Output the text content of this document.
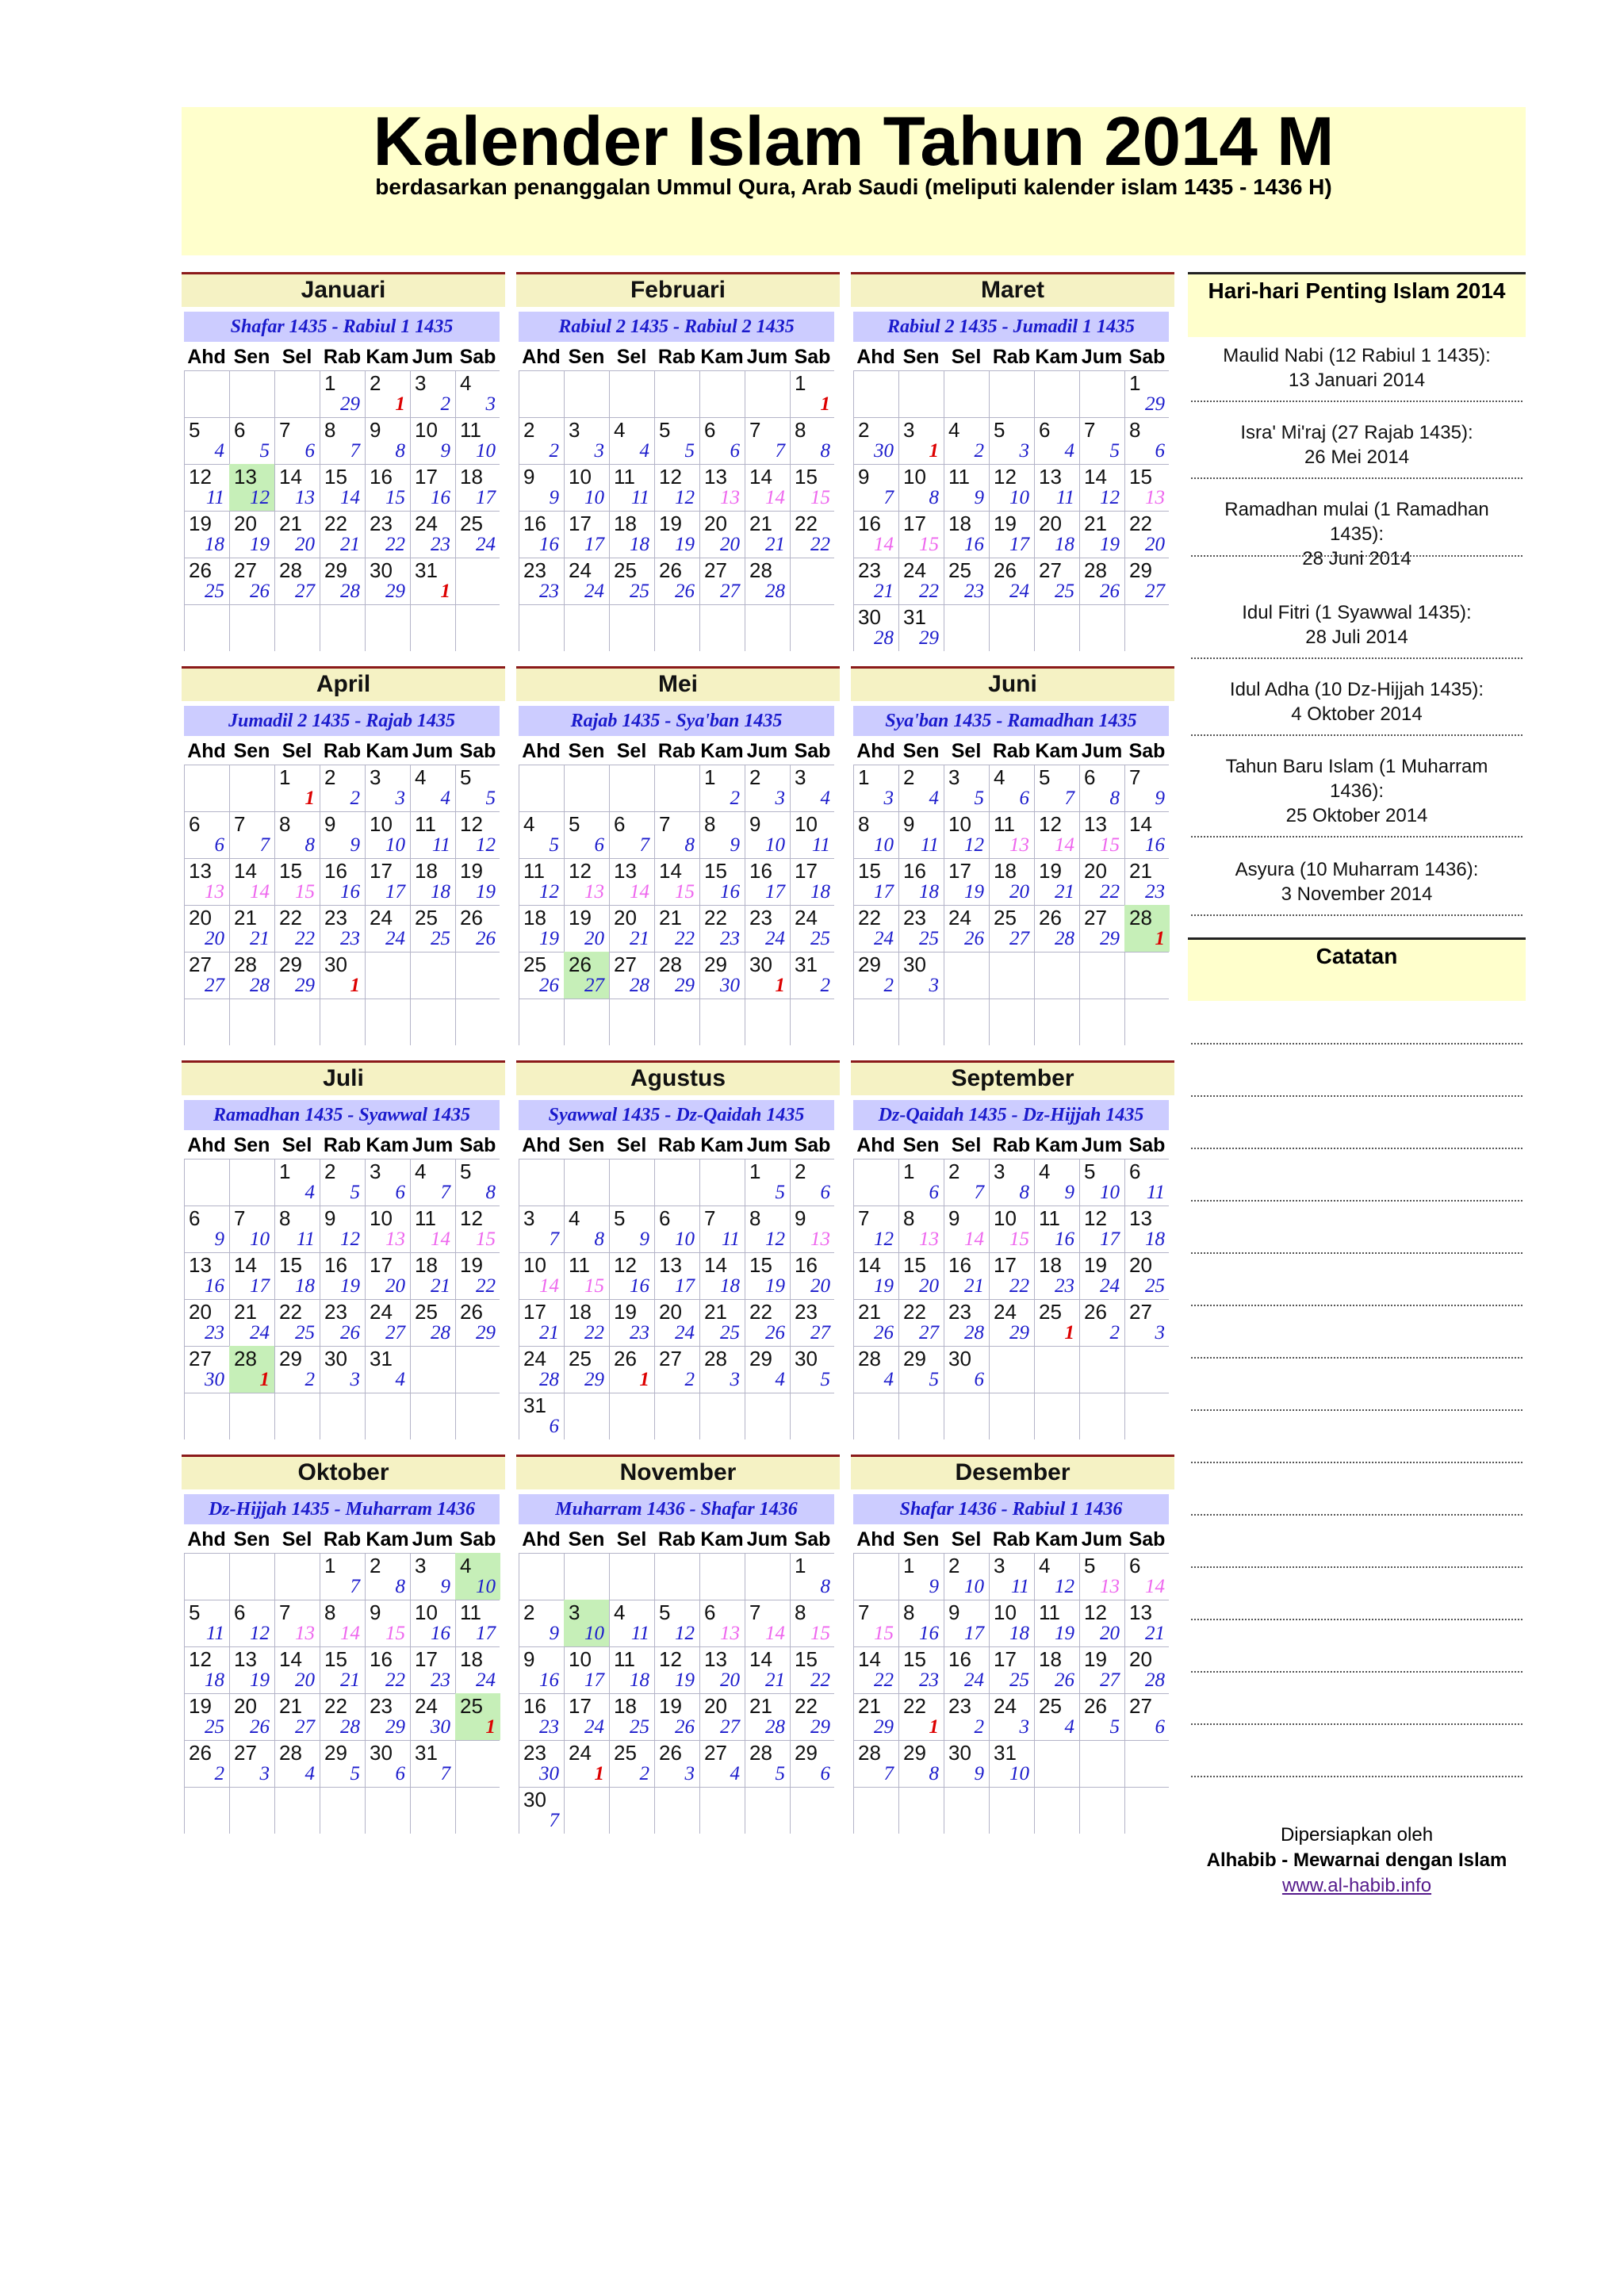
Kalender Islam Tahun 2014 M
berdasarkan penanggalan Ummul Qura, Arab Saudi (meliputi kalender islam 1435 - 1436 H)
Januari
Shafar 1435 - Rabiul 1 1435
Ahd Sen Sel Rab Kam Jum Sab
1
29
2
1
3
2
4
3
5
4
6
5
7
6
8
7
9
8
10
9
11
10
12
11
13
12
14
13
15
14
16
15
17
16
18
17
19
18
20
19
21
20
22
21
23
22
24
23
25
24
26
25
27
26
28
27
29
28
30
29
31
1
Februari
Rabiul 2 1435 - Rabiul 2 1435
Ahd Sen Sel Rab Kam Jum Sab
1
1
2
2
3
3
4
4
5
5
6
6
7
7
8
8
9
9
10
10
11
11
12
12
13
13
14
14
15
15
16
16
17
17
18
18
19
19
20
20
21
21
22
22
23
23
24
24
25
25
26
26
27
27
28
28
Maret
Rabiul 2 1435 - Jumadil 1 1435
Ahd Sen Sel Rab Kam Jum Sab
1
29
2
30
3
1
4
2
5
3
6
4
7
5
8
6
9
7
10
8
11
9
12
10
13
11
14
12
15
13
16
14
17
15
18
16
19
17
20
18
21
19
22
20
23
21
24
22
25
23
26
24
27
25
28
26
29
27
30
28
31
29
April
Jumadil 2 1435 - Rajab 1435
Ahd Sen Sel Rab Kam Jum Sab
1
1
2
2
3
3
4
4
5
5
6
6
7
7
8
8
9
9
10
10
11
11
12
12
13
13
14
14
15
15
16
16
17
17
18
18
19
19
20
20
21
21
22
22
23
23
24
24
25
25
26
26
27
27
28
28
29
29
30
1
Mei
Rajab 1435 - Sya'ban 1435
Ahd Sen Sel Rab Kam Jum Sab
1
2
2
3
3
4
4
5
5
6
6
7
7
8
8
9
9
10
10
11
11
12
12
13
13
14
14
15
15
16
16
17
17
18
18
19
19
20
20
21
21
22
22
23
23
24
24
25
25
26
26
27
27
28
28
29
29
30
30
1
31
2
Juni
Sya'ban 1435 - Ramadhan 1435
Ahd Sen Sel Rab Kam Jum Sab
1
3
2
4
3
5
4
6
5
7
6
8
7
9
8
10
9
11
10
12
11
13
12
14
13
15
14
16
15
17
16
18
17
19
18
20
19
21
20
22
21
23
22
24
23
25
24
26
25
27
26
28
27
29
28
1
29
2
30
3
Juli
Ramadhan 1435 - Syawwal 1435
Ahd Sen Sel Rab Kam Jum Sab
1
4
2
5
3
6
4
7
5
8
6
9
7
10
8
11
9
12
10
13
11
14
12
15
13
16
14
17
15
18
16
19
17
20
18
21
19
22
20
23
21
24
22
25
23
26
24
27
25
28
26
29
27
30
28
1
29
2
30
3
31
4
Agustus
Syawwal 1435 - Dz-Qaidah 1435
Ahd Sen Sel Rab Kam Jum Sab
1
5
2
6
3
7
4
8
5
9
6
10
7
11
8
12
9
13
10
14
11
15
12
16
13
17
14
18
15
19
16
20
17
21
18
22
19
23
20
24
21
25
22
26
23
27
24
28
25
29
26
1
27
2
28
3
29
4
30
5
31
6
September
Dz-Qaidah 1435 - Dz-Hijjah 1435
Ahd Sen Sel Rab Kam Jum Sab
1
6
2
7
3
8
4
9
5
10
6
11
7
12
8
13
9
14
10
15
11
16
12
17
13
18
14
19
15
20
16
21
17
22
18
23
19
24
20
25
21
26
22
27
23
28
24
29
25
1
26
2
27
3
28
4
29
5
30
6
Oktober
Dz-Hijjah 1435 - Muharram 1436
Ahd Sen Sel Rab Kam Jum Sab
1
7
2
8
3
9
4
10
5
11
6
12
7
13
8
14
9
15
10
16
11
17
12
18
13
19
14
20
15
21
16
22
17
23
18
24
19
25
20
26
21
27
22
28
23
29
24
30
25
1
26
2
27
3
28
4
29
5
30
6
31
7
November
Muharram 1436 - Shafar 1436
Ahd Sen Sel Rab Kam Jum Sab
1
8
2
9
3
10
4
11
5
12
6
13
7
14
8
15
9
16
10
17
11
18
12
19
13
20
14
21
15
22
16
23
17
24
18
25
19
26
20
27
21
28
22
29
23
30
24
1
25
2
26
3
27
4
28
5
29
6
30
7
Desember
Shafar 1436 - Rabiul 1 1436
Ahd Sen Sel Rab Kam Jum Sab
1
9
2
10
3
11
4
12
5
13
6
14
7
15
8
16
9
17
10
18
11
19
12
20
13
21
14
22
15
23
16
24
17
25
18
26
19
27
20
28
21
29
22
1
23
2
24
3
25
4
26
5
27
6
28
7
29
8
30
9
31
10
Hari-hari Penting Islam 2014
Maulid Nabi (12 Rabiul 1 1435):
13 Januari 2014
Isra' Mi'raj (27 Rajab 1435):
26 Mei 2014
Ramadhan mulai (1 Ramadhan
1435):
28 Juni 2014
Idul Fitri (1 Syawwal 1435):
28 Juli 2014
Idul Adha (10 Dz-Hijjah 1435):
4 Oktober 2014
Tahun Baru Islam (1 Muharram
1436):
25 Oktober 2014
Asyura (10 Muharram 1436):
3 November 2014
Catatan
Dipersiapkan oleh
Alhabib - Mewarnai dengan Islam
www.al-habib.info
